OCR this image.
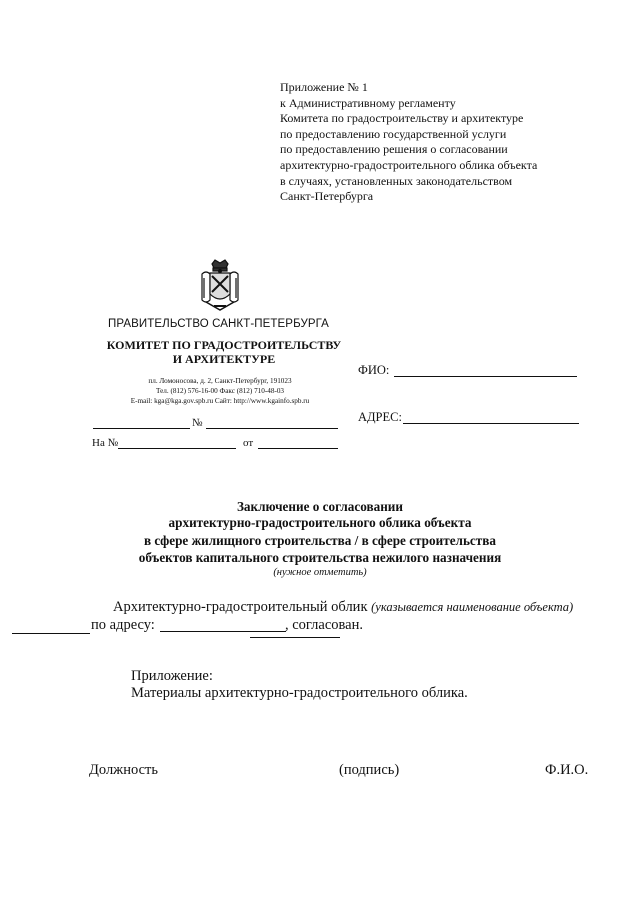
Приложение № 1
к Административному регламенту
Комитета по градостроительству и архитектуре
по предоставлению государственной услуги
по предоставлению решения о согласовании
архитектурно-градостроительного облика объекта
в случаях, установленных законодательством
Санкт-Петербурга
ПРАВИТЕЛЬСТВО САНКТ-ПЕТЕРБУРГА
КОМИТЕТ ПО ГРАДОСТРОИТЕЛЬСТВУ
И АРХИТЕКТУРЕ
пл. Ломоносова, д. 2, Санкт-Петербург, 191023
Тел. (812) 576-16-00 Факс (812) 710-48-03
E-mail: kga@kga.gov.spb.ru Сайт: http://www.kgainfo.spb.ru
№
На №	от
ФИО:
АДРЕС:
Заключение о согласовании
архитектурно-градостроительного облика объекта
в сфере жилищного строительства / в сфере строительства
объектов капитального строительства нежилого назначения
(нужное отметить)
Архитектурно-градостроительный облик (указывается наименование объекта)
по адресу:	, согласован.
Приложение:
Материалы архитектурно-градостроительного облика.
Должность	(подпись)	Ф.И.О.
